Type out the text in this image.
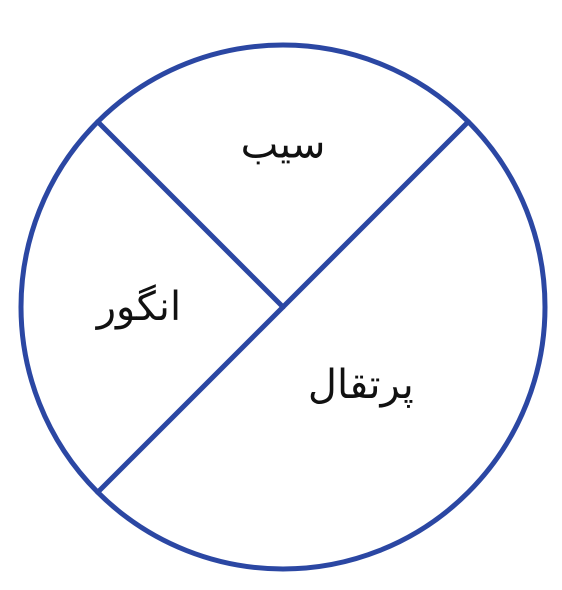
سیب
انگور
پرتقال
